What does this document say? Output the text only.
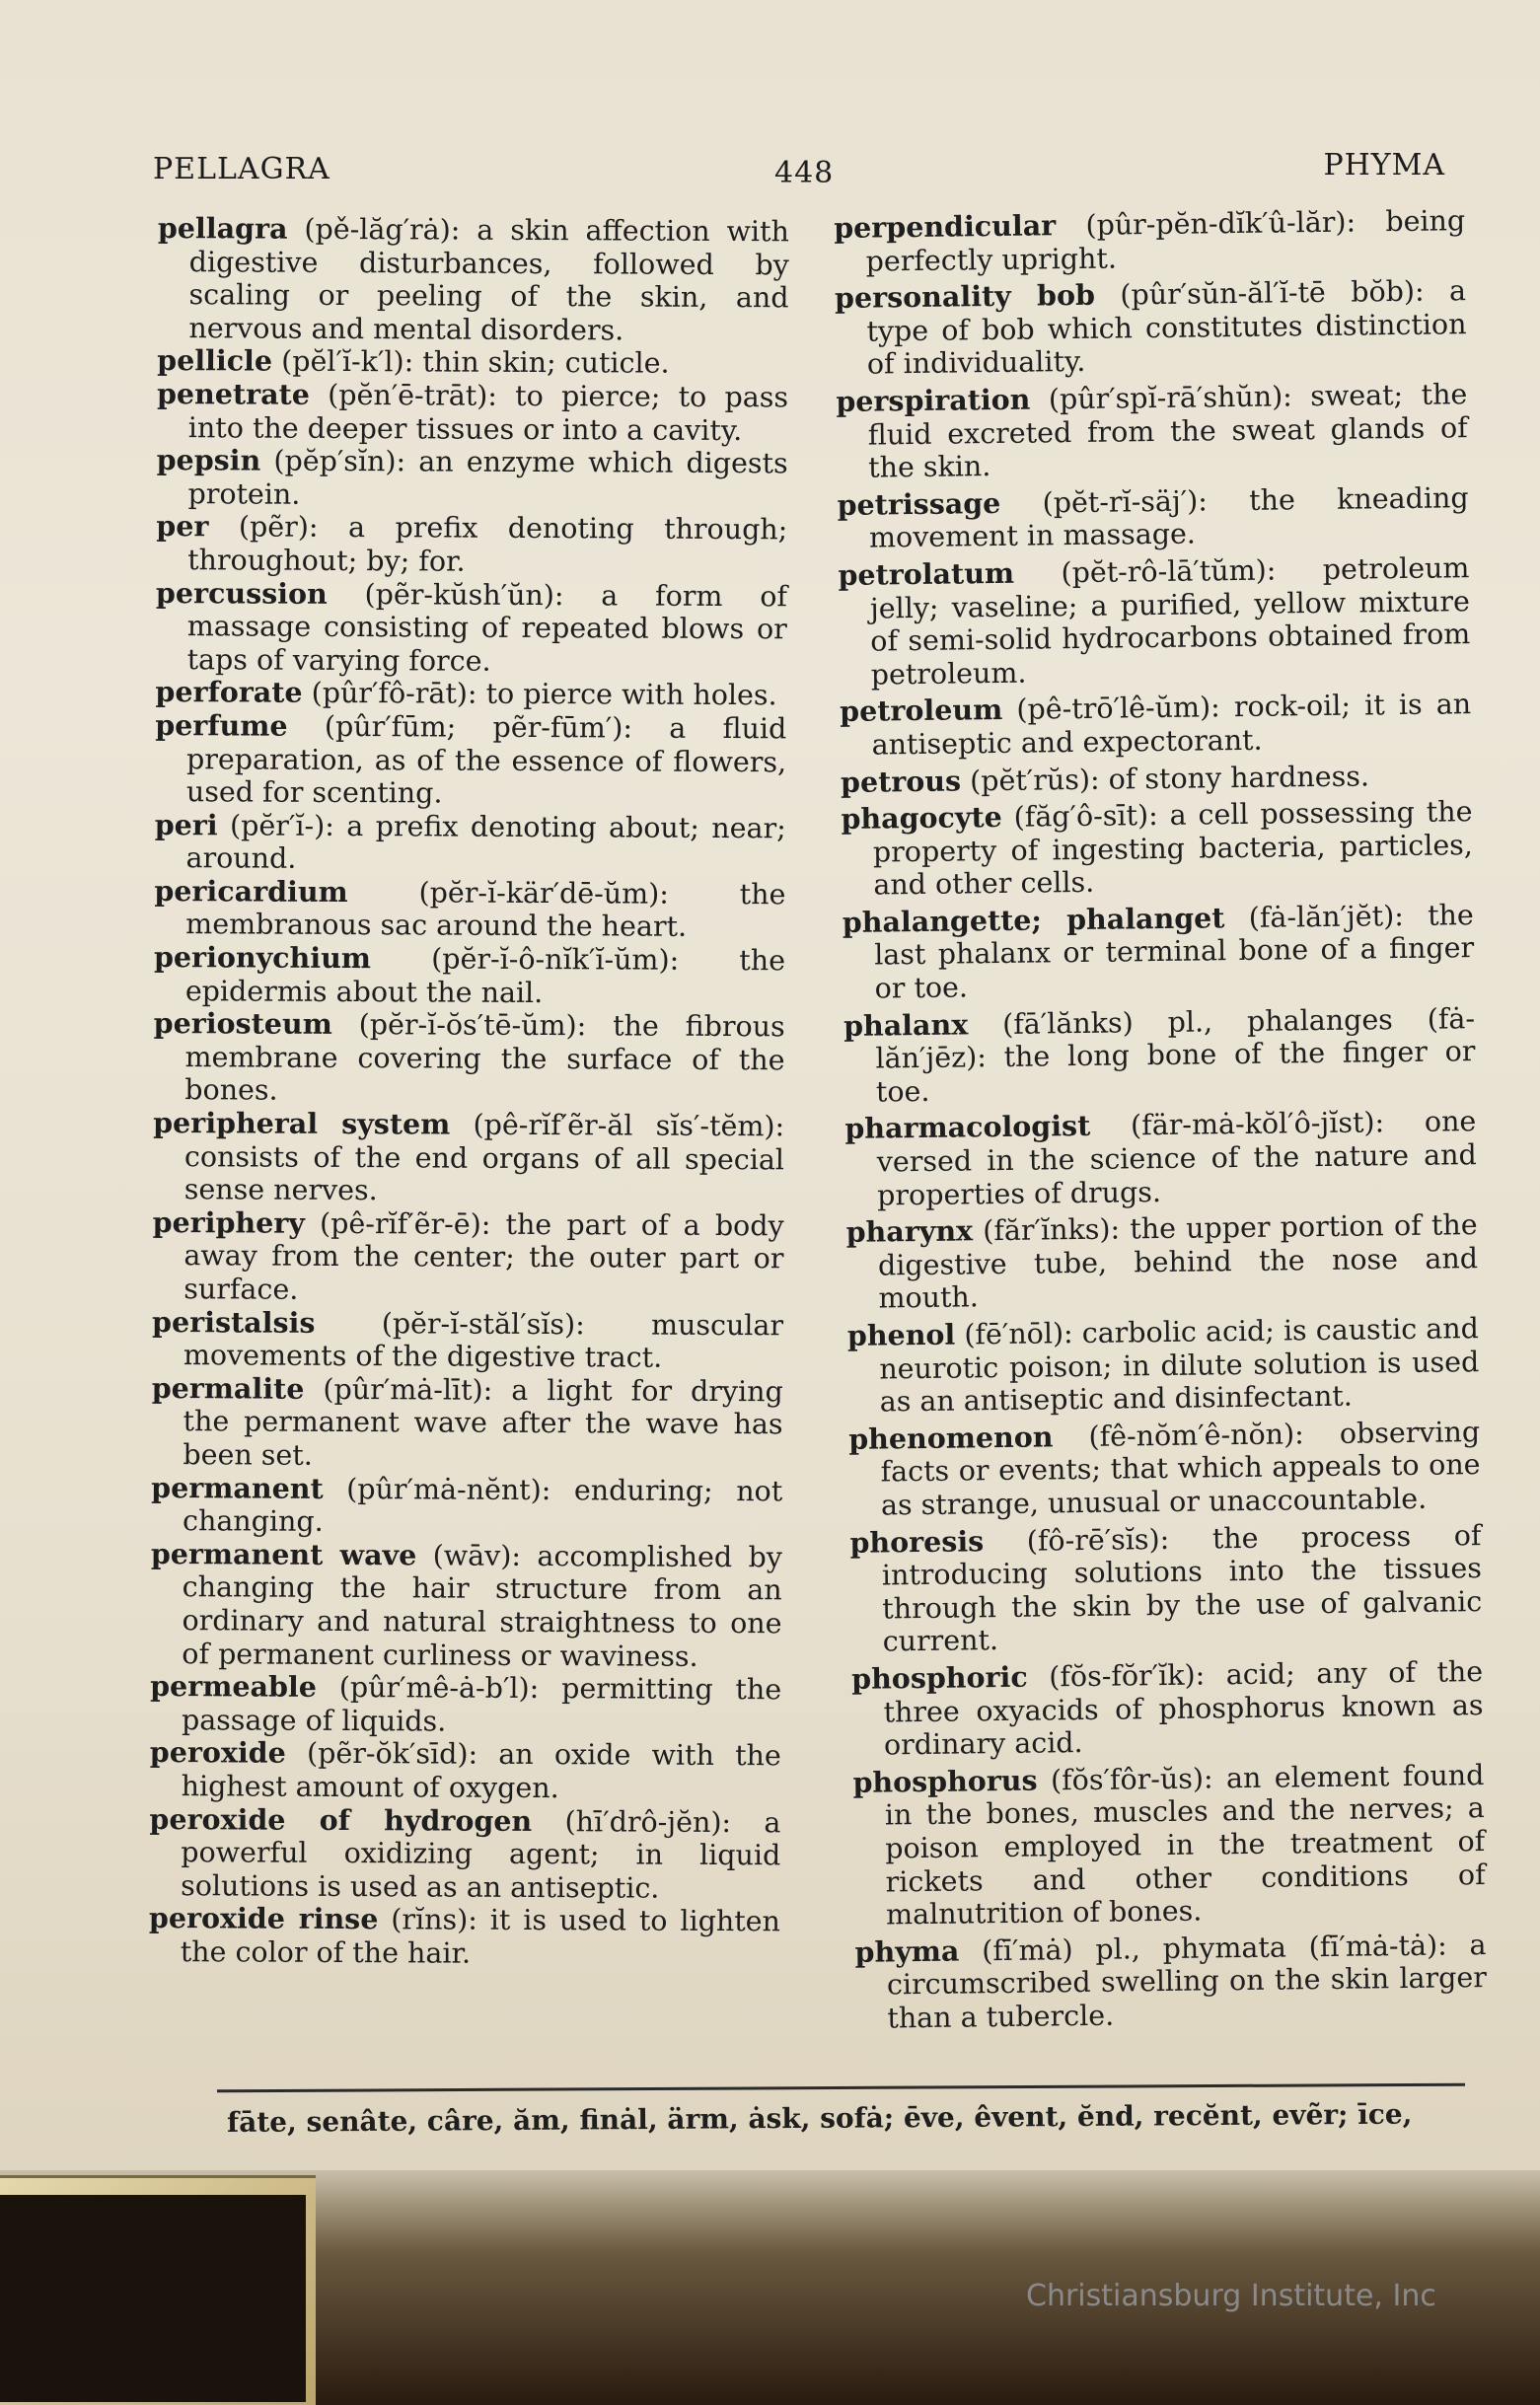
PELLAGRA	448	PHYMA
pellagra (pě-lăg′rȧ): a skin affection with digestive disturbances, followed by scaling or peeling of the skin, and nervous and mental disorders.
pellicle (pĕl′ĭ-k′l): thin skin; cuticle.
penetrate (pĕn′ē-trāt): to pierce; to pass into the deeper tissues or into a cavity.
pepsin (pĕp′sĭn): an enzyme which digests protein.
per (pẽr): a prefix denoting through; throughout; by; for.
percussion (pẽr-kŭsh′ŭn): a form of massage consisting of repeated blows or taps of varying force.
perforate (pûr′fô-rāt): to pierce with holes.
perfume (pûr′fūm; pẽr-fūm′): a fluid preparation, as of the essence of flowers, used for scenting.
peri (pĕr′ĭ-): a prefix denoting about; near; around.
pericardium (pĕr-ĭ-kär′dē-ŭm): the membranous sac around the heart.
perionychium (pĕr-ĭ-ô-nĭk′ĭ-ŭm): the epidermis about the nail.
periosteum (pĕr-ĭ-ŏs′tē-ŭm): the fibrous membrane covering the surface of the bones.
peripheral system (pê-rĭf′ẽr-ăl sĭs′-tĕm): consists of the end organs of all special sense nerves.
periphery (pê-rĭf′ẽr-ē): the part of a body away from the center; the outer part or surface.
peristalsis (pĕr-ĭ-stăl′sĭs): muscular movements of the digestive tract.
permalite (pûr′mȧ-līt): a light for drying the permanent wave after the wave has been set.
permanent (pûr′mȧ-nĕnt): enduring; not changing.
permanent wave (wāv): accomplished by changing the hair structure from an ordinary and natural straightness to one of permanent curliness or waviness.
permeable (pûr′mê-ȧ-b′l): permitting the passage of liquids.
peroxide (pẽr-ŏk′sīd): an oxide with the highest amount of oxygen.
peroxide of hydrogen (hī′drô-jĕn): a powerful oxidizing agent; in liquid solutions is used as an antiseptic.
peroxide rinse (rĭns): it is used to lighten the color of the hair.
perpendicular (pûr-pĕn-dĭk′û-lăr): being perfectly upright.
personality bob (pûr′sŭn-ăl′ĭ-tē bŏb): a type of bob which constitutes distinction of individuality.
perspiration (pûr′spĭ-rā′shŭn): sweat; the fluid excreted from the sweat glands of the skin.
petrissage (pĕt-rĭ-säj′): the kneading movement in massage.
petrolatum (pĕt-rô-lā′tŭm): petroleum jelly; vaseline; a purified, yellow mixture of semi-solid hydrocarbons obtained from petroleum.
petroleum (pê-trō′lê-ŭm): rock-oil; it is an antiseptic and expectorant.
petrous (pĕt′rŭs): of stony hardness.
phagocyte (făg′ô-sīt): a cell possessing the property of ingesting bacteria, particles, and other cells.
phalangette; phalanget (fȧ-lăn′jĕt): the last phalanx or terminal bone of a finger or toe.
phalanx (fā′lănks) pl., phalanges (fȧ-lăn′jēz): the long bone of the finger or toe.
pharmacologist (fär-mȧ-kŏl′ô-jĭst): one versed in the science of the nature and properties of drugs.
pharynx (făr′ĭnks): the upper portion of the digestive tube, behind the nose and mouth.
phenol (fē′nōl): carbolic acid; is caustic and neurotic poison; in dilute solution is used as an antiseptic and disinfectant.
phenomenon (fê-nŏm′ê-nŏn): observing facts or events; that which appeals to one as strange, unusual or unaccountable.
phoresis (fô-rē′sĭs): the process of introducing solutions into the tissues through the skin by the use of galvanic current.
phosphoric (fŏs-fŏr′ĭk): acid; any of the three oxyacids of phosphorus known as ordinary acid.
phosphorus (fŏs′fôr-ŭs): an element found in the bones, muscles and the nerves; a poison employed in the treatment of rickets and other conditions of malnutrition of bones.
phyma (fī′mȧ) pl., phymata (fī′mȧ-tȧ): a circumscribed swelling on the skin larger than a tubercle.
fāte, senâte, câre, ăm, finȧl, ärm, ȧsk, sofȧ; ēve, êvent, ĕnd, recĕnt, evẽr; īce,
Christiansburg Institute, Inc
